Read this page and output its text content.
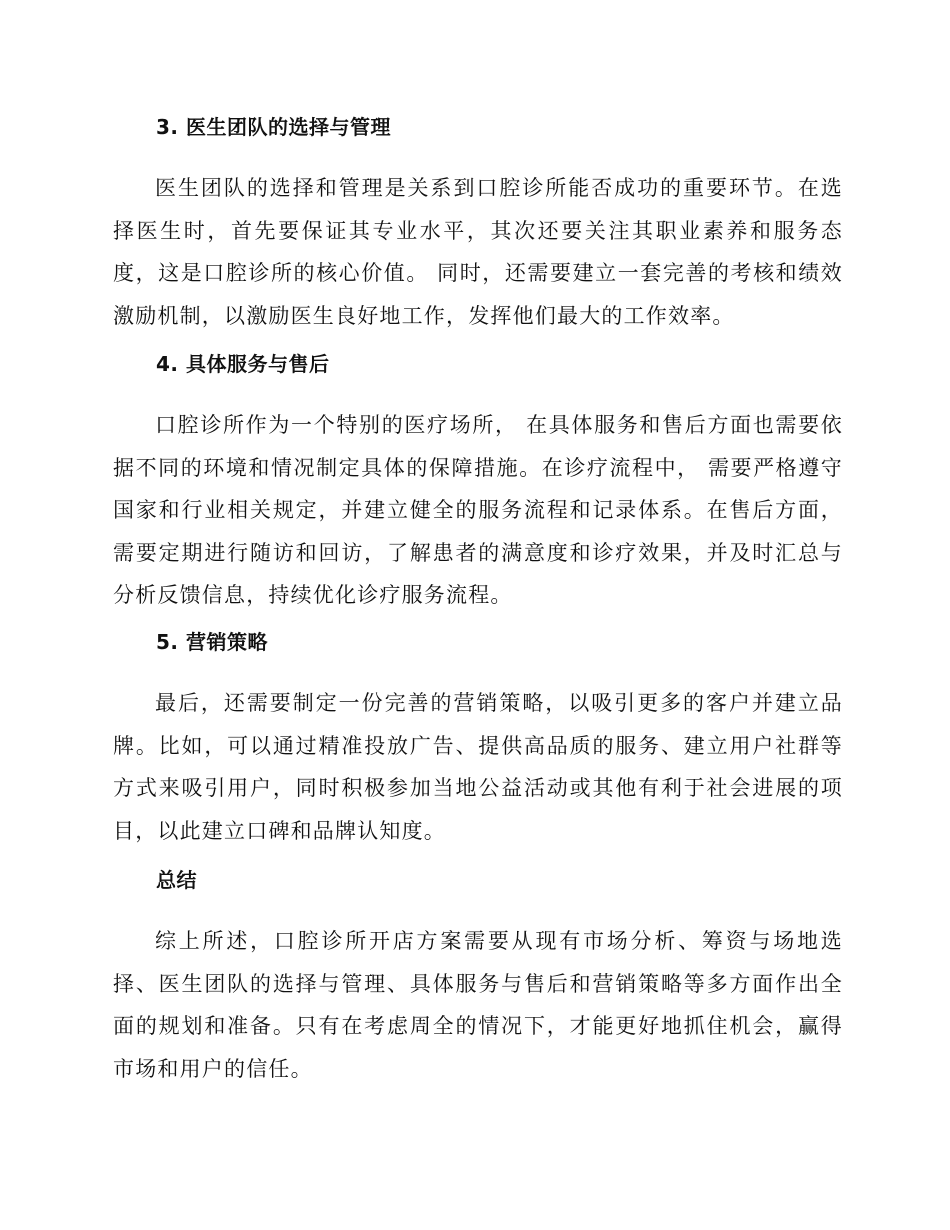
3. 医生团队的选择与管理

医生团队的选择和管理是关系到口腔诊所能否成功的重要环节。在选择医生时，首先要保证其专业水平，其次还要关注其职业素养和服务态度，这是口腔诊所的核心价值。 同时，还需要建立一套完善的考核和绩效激励机制，以激励医生良好地工作，发挥他们最大的工作效率。

4. 具体服务与售后

口腔诊所作为一个特别的医疗场所， 在具体服务和售后方面也需要依据不同的环境和情况制定具体的保障措施。在诊疗流程中， 需要严格遵守国家和行业相关规定，并建立健全的服务流程和记录体系。在售后方面，需要定期进行随访和回访，了解患者的满意度和诊疗效果，并及时汇总与分析反馈信息，持续优化诊疗服务流程。

5. 营销策略

最后，还需要制定一份完善的营销策略，以吸引更多的客户并建立品牌。比如，可以通过精准投放广告、提供高品质的服务、建立用户社群等方式来吸引用户，同时积极参加当地公益活动或其他有利于社会进展的项目，以此建立口碑和品牌认知度。

总结

综上所述，口腔诊所开店方案需要从现有市场分析、筹资与场地选择、医生团队的选择与管理、具体服务与售后和营销策略等多方面作出全面的规划和准备。只有在考虑周全的情况下，才能更好地抓住机会，赢得市场和用户的信任。
